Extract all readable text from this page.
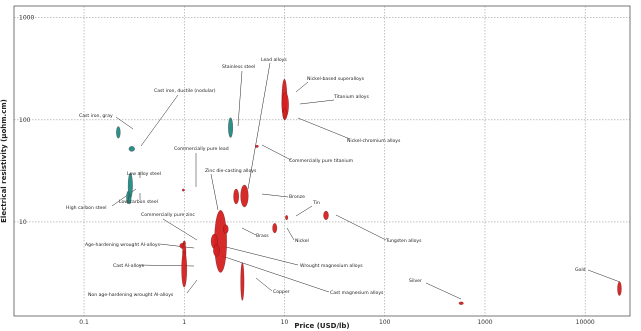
0.1	1	10	100	1000	10000
10
100
1000
Cast iron, gray
Cast iron, ductile (nodular)
Stainless steel
Lead alloys
Nickel-based superalloys
Titanium alloys
Nickel-chromium alloys
Commercially pure lead
Commercially pure titanium
Zinc die-casting alloys
Low alloy steel
High carbon steel
Low carbon steel
Bronze
Tin
Commercially pure zinc
Brass
Tungsten alloys
Age-hardening wrought Al-alloys
Nickel
Wrought magnesium alloys
Cast Al-alloys
Gold
Silver
Copper	Cast magnesium alloys
Non age-hardening wrought Al-alloys
Price (USD/lb)
Electrical resistivity (µohm.cm)
